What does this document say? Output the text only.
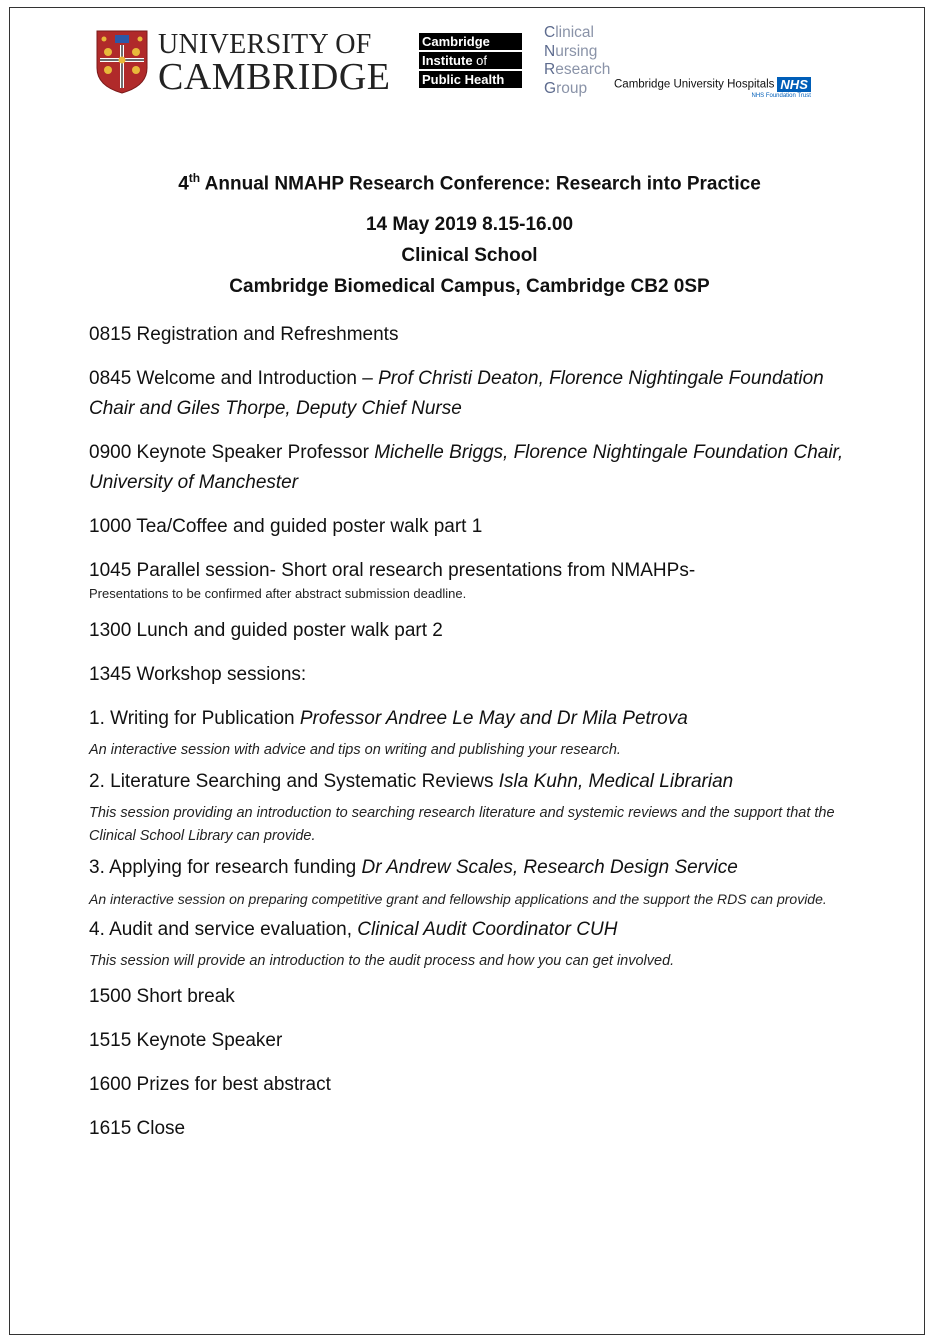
UNIVERSITY OF
CAMBRIDGE
Cambridge
Institute of
Public Health
Clinical
Nursing
Research
Group	Cambridge University Hospitals NHS
NHS Foundation Trust
4th Annual NMAHP Research Conference: Research into Practice
14 May 2019 8.15-16.00
Clinical School
Cambridge Biomedical Campus, Cambridge CB2 0SP
0815 Registration and Refreshments
0845 Welcome and Introduction – Prof Christi Deaton, Florence Nightingale Foundation Chair and Giles Thorpe, Deputy Chief Nurse
0900 Keynote Speaker Professor Michelle Briggs, Florence Nightingale Foundation Chair, University of Manchester
1000 Tea/Coffee and guided poster walk part 1
1045 Parallel session- Short oral research presentations from NMAHPs-
Presentations to be confirmed after abstract submission deadline.
1300 Lunch and guided poster walk part 2
1345 Workshop sessions:
1. Writing for Publication Professor Andree Le May and Dr Mila Petrova
An interactive session with advice and tips on writing and publishing your research.
2. Literature Searching and Systematic Reviews Isla Kuhn, Medical Librarian
This session providing an introduction to searching research literature and systemic reviews and the support that the Clinical School Library can provide.
3. Applying for research funding Dr Andrew Scales, Research Design Service
An interactive session on preparing competitive grant and fellowship applications and the support the RDS can provide.
4. Audit and service evaluation, Clinical Audit Coordinator CUH
This session will provide an introduction to the audit process and how you can get involved.
1500 Short break
1515 Keynote Speaker
1600 Prizes for best abstract
1615 Close
